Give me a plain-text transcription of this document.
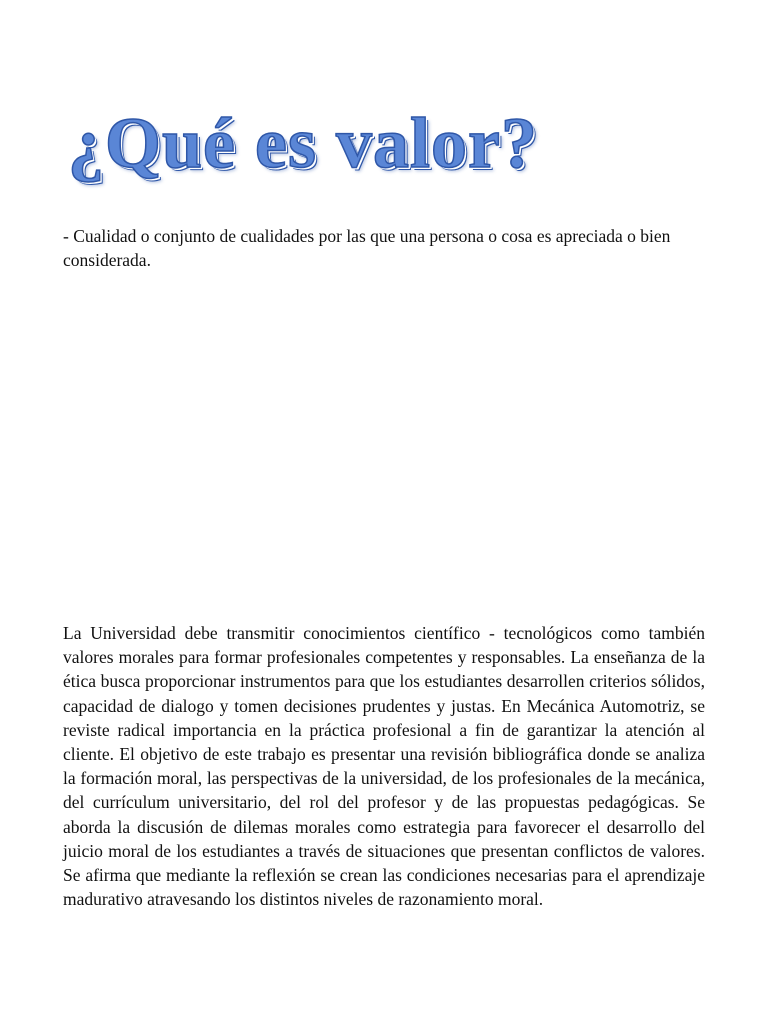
¿Qué es valor?

- Cualidad o conjunto de cualidades por las que una persona o cosa es apreciada o bien considerada.

La Universidad debe transmitir conocimientos científico - tecnológicos como también valores morales para formar profesionales competentes y responsables. La enseñanza de la ética busca proporcionar instrumentos para que los estudiantes desarrollen criterios sólidos, capacidad de dialogo y tomen decisiones prudentes y justas. En Mecánica Automotriz, se reviste radical importancia en la práctica profesional a fin de garantizar la atención al cliente. El objetivo de este trabajo es presentar una revisión bibliográfica donde se analiza la formación moral, las perspectivas de la universidad, de los profesionales de la mecánica, del currículum universitario, del rol del profesor y de las propuestas pedagógicas. Se aborda la discusión de dilemas morales como estrategia para favorecer el desarrollo del juicio moral de los estudiantes a través de situaciones que presentan conflictos de valores. Se afirma que mediante la reflexión se crean las condiciones necesarias para el aprendizaje madurativo atravesando los distintos niveles de razonamiento moral.
